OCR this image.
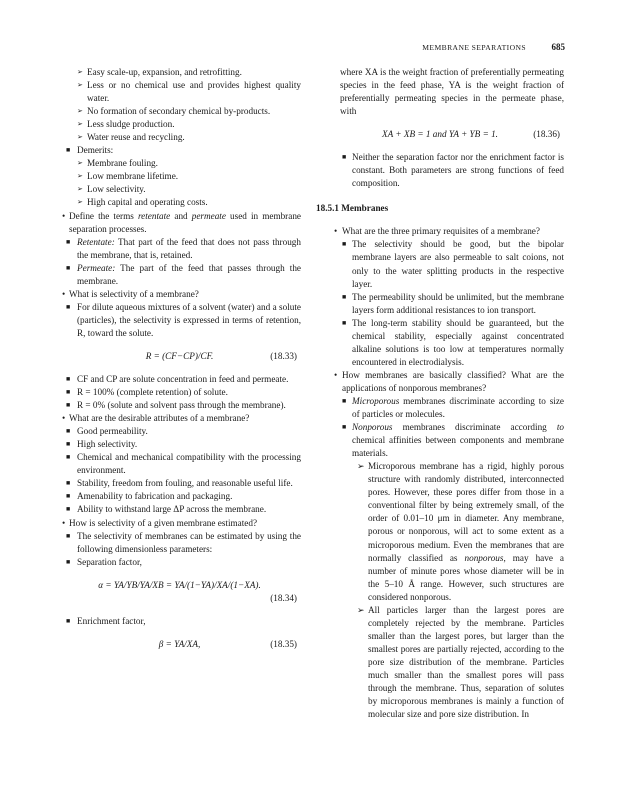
MEMBRANE SEPARATIONS	685
➢ Easy scale-up, expansion, and retrofitting.
➢ Less or no chemical use and provides highest quality water.
➢ No formation of secondary chemical by-products.
➢ Less sludge production.
➢ Water reuse and recycling.
■ Demerits:
➢ Membrane fouling.
➢ Low membrane lifetime.
➢ Low selectivity.
➢ High capital and operating costs.
• Define the terms retentate and permeate used in membrane separation processes.
■ Retentate: That part of the feed that does not pass through the membrane, that is, retained.
■ Permeate: The part of the feed that passes through the membrane.
• What is selectivity of a membrane?
■ For dilute aqueous mixtures of a solvent (water) and a solute (particles), the selectivity is expressed in terms of retention, R, toward the solute.
R = (CF−CP)/CF.	(18.33)
■ CF and CP are solute concentration in feed and permeate.
■ R = 100% (complete retention) of solute.
■ R = 0% (solute and solvent pass through the membrane).
• What are the desirable attributes of a membrane?
■ Good permeability.
■ High selectivity.
■ Chemical and mechanical compatibility with the processing environment.
■ Stability, freedom from fouling, and reasonable useful life.
■ Amenability to fabrication and packaging.
■ Ability to withstand large ΔP across the membrane.
• How is selectivity of a given membrane estimated?
■ The selectivity of membranes can be estimated by using the following dimensionless parameters:
■ Separation factor,
α = YA/YB/YA/XB = YA/(1−YA)/XA/(1−XA).
(18.34)
■ Enrichment factor,
β = YA/XA,	(18.35)
where XA is the weight fraction of preferentially permeating species in the feed phase, YA is the weight fraction of preferentially permeating species in the permeate phase, with
XA + XB = 1 and YA + YB = 1.	(18.36)
■ Neither the separation factor nor the enrichment factor is constant. Both parameters are strong functions of feed composition.
18.5.1 Membranes
• What are the three primary requisites of a membrane?
■ The selectivity should be good, but the bipolar membrane layers are also permeable to salt coions, not only to the water splitting products in the respective layer.
■ The permeability should be unlimited, but the membrane layers form additional resistances to ion transport.
■ The long-term stability should be guaranteed, but the chemical stability, especially against concentrated alkaline solutions is too low at temperatures normally encountered in electrodialysis.
• How membranes are basically classified? What are the applications of nonporous membranes?
■ Microporous membranes discriminate according to size of particles or molecules.
■ Nonporous membranes discriminate according to chemical affinities between components and membrane materials.
➢ Microporous membrane has a rigid, highly porous structure with randomly distributed, interconnected pores. However, these pores differ from those in a conventional filter by being extremely small, of the order of 0.01–10 μm in diameter. Any membrane, porous or nonporous, will act to some extent as a microporous medium. Even the membranes that are normally classified as nonporous, may have a number of minute pores whose diameter will be in the 5–10 Å range. However, such structures are considered nonporous.
➢ All particles larger than the largest pores are completely rejected by the membrane. Particles smaller than the largest pores, but larger than the smallest pores are partially rejected, according to the pore size distribution of the membrane. Particles much smaller than the smallest pores will pass through the membrane. Thus, separation of solutes by microporous membranes is mainly a function of molecular size and pore size distribution. In
